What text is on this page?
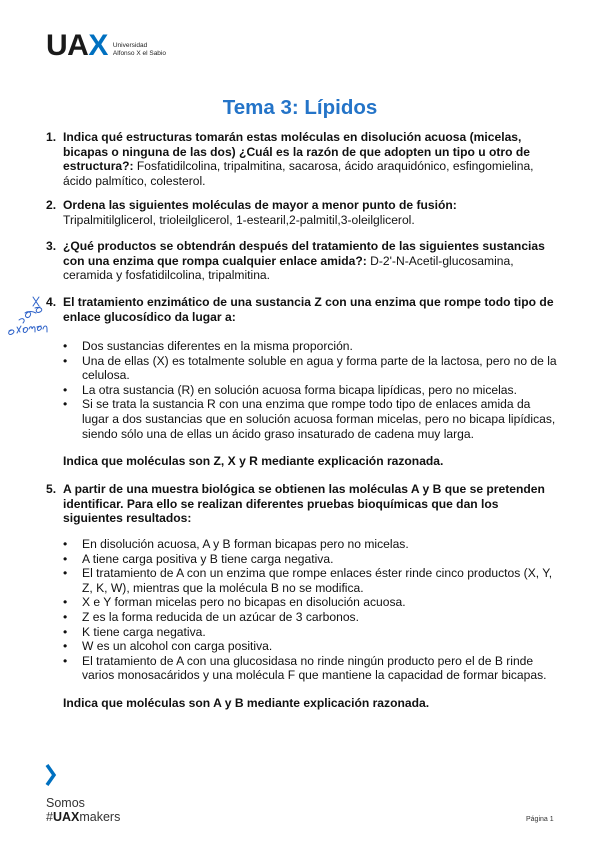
UAX Universidad
Alfonso X el Sabio
Tema 3: Lípidos
1. Indica qué estructuras tomarán estas moléculas en disolución acuosa (micelas, bicapas o ninguna de las dos) ¿Cuál es la razón de que adopten un tipo u otro de estructura?: Fosfatidilcolina, tripalmitina, sacarosa, ácido araquidónico, esfingomielina, ácido palmítico, colesterol.
2. Ordena las siguientes moléculas de mayor a menor punto de fusión:
Tripalmitilglicerol, trioleilglicerol, 1-estearil,2-palmitil,3-oleilglicerol.
3. ¿Qué productos se obtendrán después del tratamiento de las siguientes sustancias con una enzima que rompa cualquier enlace amida?: D-2'-N-Acetil-glucosamina, ceramida y fosfatidilcolina, tripalmitina.
4. El tratamiento enzimático de una sustancia Z con una enzima que rompe todo tipo de enlace glucosídico da lugar a:
• Dos sustancias diferentes en la misma proporción.
• Una de ellas (X) es totalmente soluble en agua y forma parte de la lactosa, pero no de la celulosa.
• La otra sustancia (R) en solución acuosa forma bicapa lipídicas, pero no micelas.
• Si se trata la sustancia R con una enzima que rompe todo tipo de enlaces amida da lugar a dos sustancias que en solución acuosa forman micelas, pero no bicapa lipídicas, siendo sólo una de ellas un ácido graso insaturado de cadena muy larga.
Indica que moléculas son Z, X y R mediante explicación razonada.
5. A partir de una muestra biológica se obtienen las moléculas A y B que se pretenden identificar. Para ello se realizan diferentes pruebas bioquímicas que dan los siguientes resultados:
• En disolución acuosa, A y B forman bicapas pero no micelas.
• A tiene carga positiva y B tiene carga negativa.
• El tratamiento de A con un enzima que rompe enlaces éster rinde cinco productos (X, Y, Z, K, W), mientras que la molécula B no se modifica.
• X e Y forman micelas pero no bicapas en disolución acuosa.
• Z es la forma reducida de un azúcar de 3 carbonos.
• K tiene carga negativa.
• W es un alcohol con carga positiva.
• El tratamiento de A con una glucosidasa no rinde ningún producto pero el de B rinde varios monosacáridos y una molécula F que mantiene la capacidad de formar bicapas.
Indica que moléculas son A y B mediante explicación razonada.
Somos
#UAXmakers	Página 1
